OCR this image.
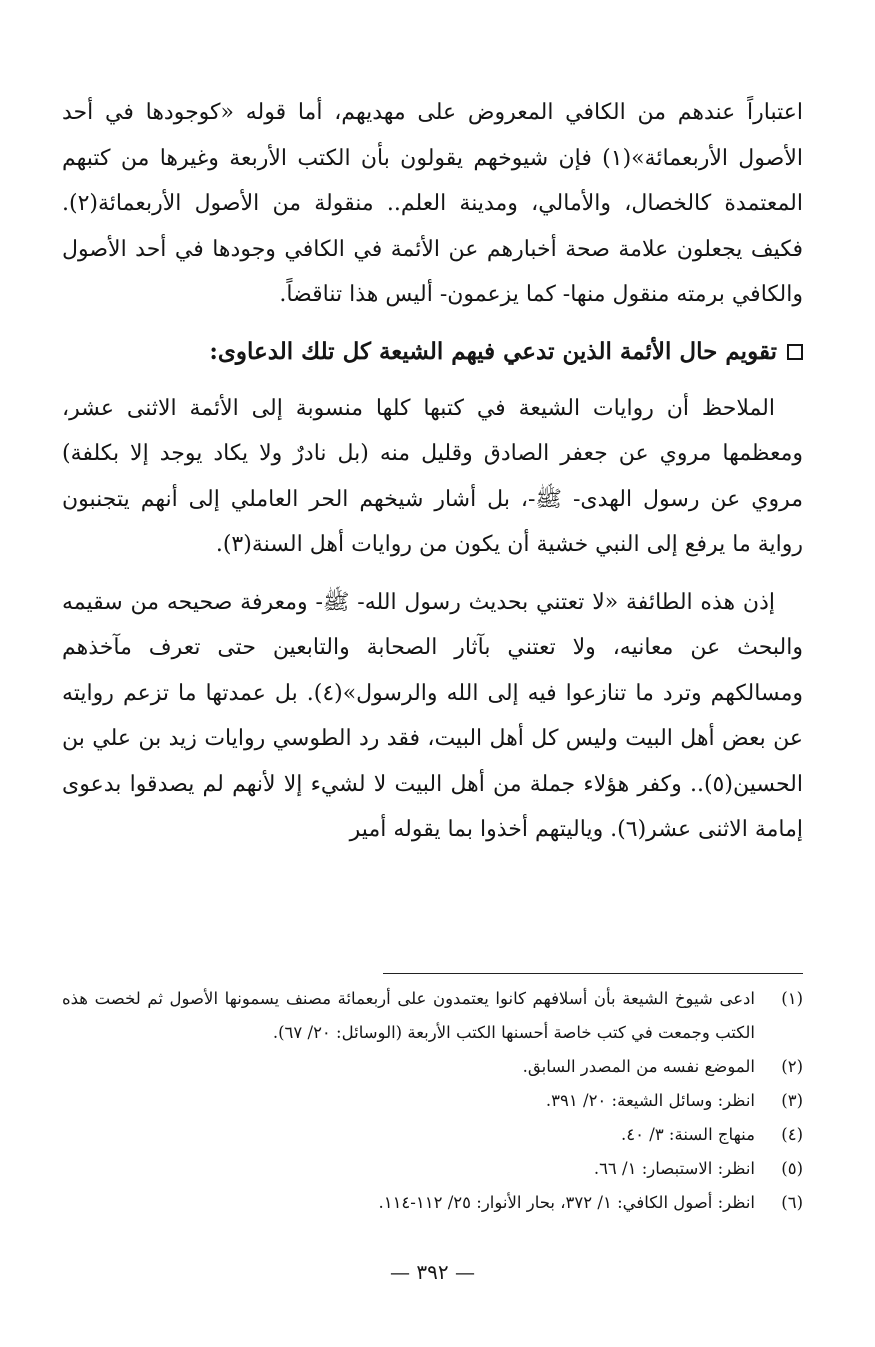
اعتباراً عندهم من الكافي المعروض على مهديهم، أما قوله «كوجودها في أحد الأصول الأربعمائة»(١) فإن شيوخهم يقولون بأن الكتب الأربعة وغيرها من كتبهم المعتمدة كالخصال، والأمالي، ومدينة العلم.. منقولة من الأصول الأربعمائة(٢). فكيف يجعلون علامة صحة أخبارهم عن الأئمة في الكافي وجودها في أحد الأصول والكافي برمته منقول منها- كما يزعمون- أليس هذا تناقضاً.

تقويم حال الأئمة الذين تدعي فيهم الشيعة كل تلك الدعاوى:

الملاحظ أن روايات الشيعة في كتبها كلها منسوبة إلى الأئمة الاثنى عشر، ومعظمها مروي عن جعفر الصادق وقليل منه (بل نادرٌ ولا يكاد يوجد إلا بكلفة) مروي عن رسول الهدى- ﷺ-، بل أشار شيخهم الحر العاملي إلى أنهم يتجنبون رواية ما يرفع إلى النبي خشية أن يكون من روايات أهل السنة(٣).

إذن هذه الطائفة «لا تعتني بحديث رسول الله- ﷺ- ومعرفة صحيحه من سقيمه والبحث عن معانيه، ولا تعتني بآثار الصحابة والتابعين حتى تعرف مآخذهم ومسالكهم وترد ما تنازعوا فيه إلى الله والرسول»(٤). بل عمدتها ما تزعم روايته عن بعض أهل البيت وليس كل أهل البيت، فقد رد الطوسي روايات زيد بن علي بن الحسين(٥).. وكفر هؤلاء جملة من أهل البيت لا لشيء إلا لأنهم لم يصدقوا بدعوى إمامة الاثنى عشر(٦). وياليتهم أخذوا بما يقوله أمير

(١)
ادعى شيوخ الشيعة بأن أسلافهم كانوا يعتمدون على أربعمائة مصنف يسمونها الأصول ثم لخصت هذه الكتب وجمعت في كتب خاصة أحسنها الكتب الأربعة (الوسائل: ٢٠/ ٦٧).
(٢)
الموضع نفسه من المصدر السابق.
(٣)
انظر: وسائل الشيعة: ٢٠/ ٣٩١.
(٤)
منهاج السنة: ٣/ ٤٠.
(٥)
انظر: الاستبصار: ١/ ٦٦.
(٦)
انظر: أصول الكافي: ١/ ٣٧٢، بحار الأنوار: ٢٥/ ١١٢-١١٤.
— ٣٩٢ —
